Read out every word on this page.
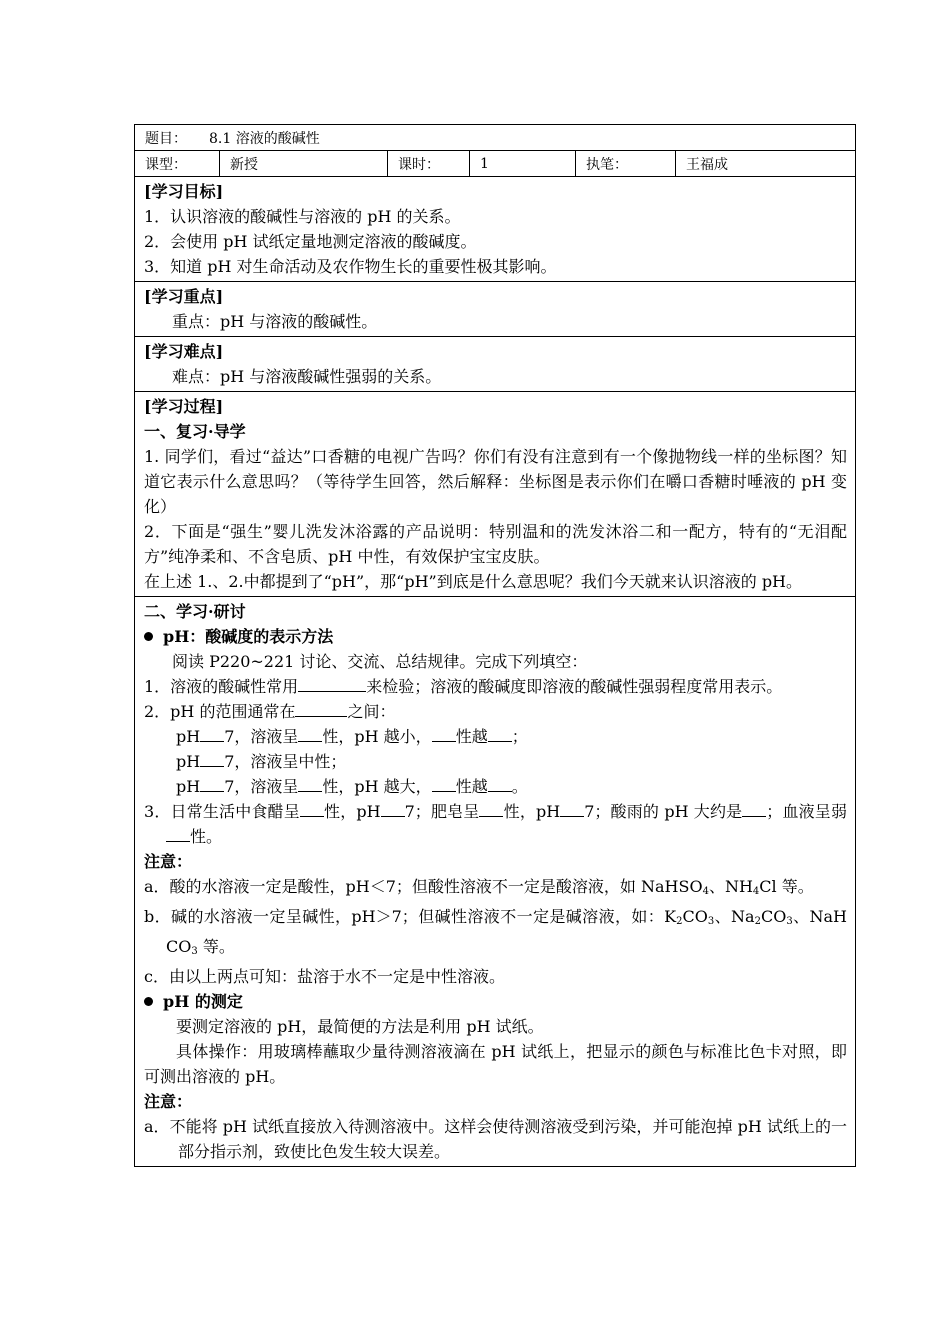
题目： 8.1 溶液的酸碱性
课型：	新授	课时：	1	执笔：	王福成

[学习目标]

1．认识溶液的酸碱性与溶液的 pH 的关系。

2．会使用 pH 试纸定量地测定溶液的酸碱度。

3．知道 pH 对生命活动及农作物生长的重要性极其影响。

[学习重点]

重点：pH 与溶液的酸碱性。

[学习难点]

难点：pH 与溶液酸碱性强弱的关系。

[学习过程]

一、复习·导学

1. 同学们，看过“益达”口香糖的电视广告吗？你们有没有注意到有一个像抛物线一样的坐标图？知道它表示什么意思吗？（等待学生回答，然后解释：坐标图是表示你们在嚼口香糖时唾液的 pH 变化）

2．下面是“强生”婴儿洗发沐浴露的产品说明：特别温和的洗发沐浴二和一配方，特有的“无泪配方”纯净柔和、不含皂质、pH 中性，有效保护宝宝皮肤。

在上述 1.、2.中都提到了“pH”，那“pH”到底是什么意思呢？我们今天就来认识溶液的 pH。

二、学习·研讨

pH：酸碱度的表示方法

阅读 P220~221 讨论、交流、总结规律。完成下列填空：

1．溶液的酸碱性常用	来检验；溶液的酸碱度即溶液的酸碱性强弱程度常用表示。

2．pH 的范围通常在	之间：

pH 7，溶液呈 性，pH 越小， 性越 ；

pH 7，溶液呈中性；

pH 7，溶液呈 性，pH 越大， 性越 。

3．日常生活中食醋呈 性，pH 7；肥皂呈 性，pH 7；酸雨的 pH 大约是 ；血液呈弱性。

注意：

a．酸的水溶液一定是酸性，pH＜7；但酸性溶液不一定是酸溶液，如 NaHSO$_4$、$NH_4Cl$ 等。

b．碱的水溶液一定呈碱性，pH＞7；但碱性溶液不一定是碱溶液，如：$K_2CO_3$、$Na_2CO_3$、NaH $CO_3$ 等。

c．由以上两点可知：盐溶于水不一定是中性溶液。

pH 的测定

要测定溶液的 pH，最简便的方法是利用 pH 试纸。

具体操作：用玻璃棒蘸取少量待测溶液滴在 pH 试纸上，把显示的颜色与标准比色卡对照，即可测出溶液的 pH。

注意：

a．不能将 pH 试纸直接放入待测溶液中。这样会使待测溶液受到污染，并可能泡掉 pH 试纸上的一部分指示剂，致使比色发生较大误差。
